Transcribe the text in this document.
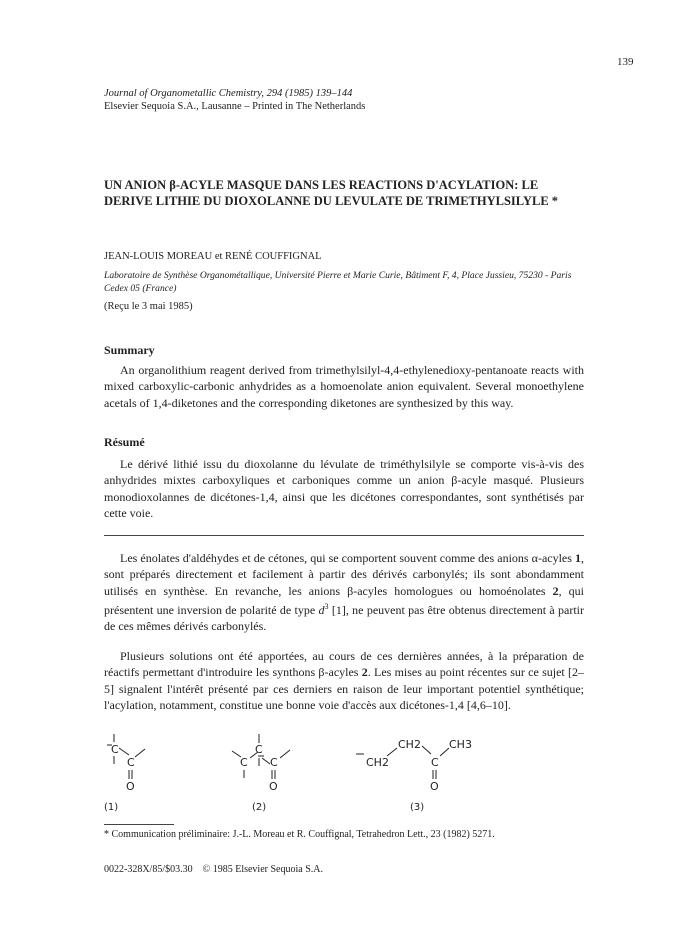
139
Journal of Organometallic Chemistry, 294 (1985) 139–144
Elsevier Sequoia S.A., Lausanne – Printed in The Netherlands
UN ANION β-ACYLE MASQUE DANS LES REACTIONS D'ACYLATION: LE DERIVE LITHIE DU DIOXOLANNE DU LEVULATE DE TRIMETHYLSILYLE *
JEAN-LOUIS MOREAU et RENÉ COUFFIGNAL
Laboratoire de Synthèse Organométallique, Université Pierre et Marie Curie, Bâtiment F, 4, Place Jussieu, 75230 - Paris Cedex 05 (France)
(Reçu le 3 mai 1985)
Summary
An organolithium reagent derived from trimethylsilyl-4,4-ethylenedioxy-pentanoate reacts with mixed carboxylic-carbonic anhydrides as a homoenolate anion equivalent. Several monoethylene acetals of 1,4-diketones and the corresponding diketones are synthesized by this way.
Résumé
Le dérivé lithié issu du dioxolanne du lévulate de triméthylsilyle se comporte vis-à-vis des anhydrides mixtes carboxyliques et carboniques comme un anion β-acyle masqué. Plusieurs monodioxolannes de dicétones-1,4, ainsi que les dicétones correspondantes, sont synthétisés par cette voie.
Les énolates d'aldéhydes et de cétones, qui se comportent souvent comme des anions α-acyles 1, sont préparés directement et facilement à partir des dérivés carbonylés; ils sont abondamment utilisés en synthèse. En revanche, les anions β-acyles homologues ou homoénolates 2, qui présentent une inversion de polarité de type $d^3$ [1], ne peuvent pas être obtenus directement à partir de ces mêmes dérivés carbonylés.
Plusieurs solutions ont été apportées, au cours de ces dernières années, à la préparation de réactifs permettant d'introduire les synthons β-acyles 2. Les mises au point récentes sur ce sujet [2–5] signalent l'intérêt présenté par ces derniers en raison de leur important potentiel synthétique; l'acylation, notamment, constitue une bonne voie d'accès aux dicétones-1,4 [4,6–10].
C
C
O
(1)
C
C
C
O
(2)
CH2
CH2
C
CH3
O
(3)
* Communication préliminaire: J.-L. Moreau et R. Couffignal, Tetrahedron Lett., 23 (1982) 5271.
0022-328X/85/$03.30 © 1985 Elsevier Sequoia S.A.
